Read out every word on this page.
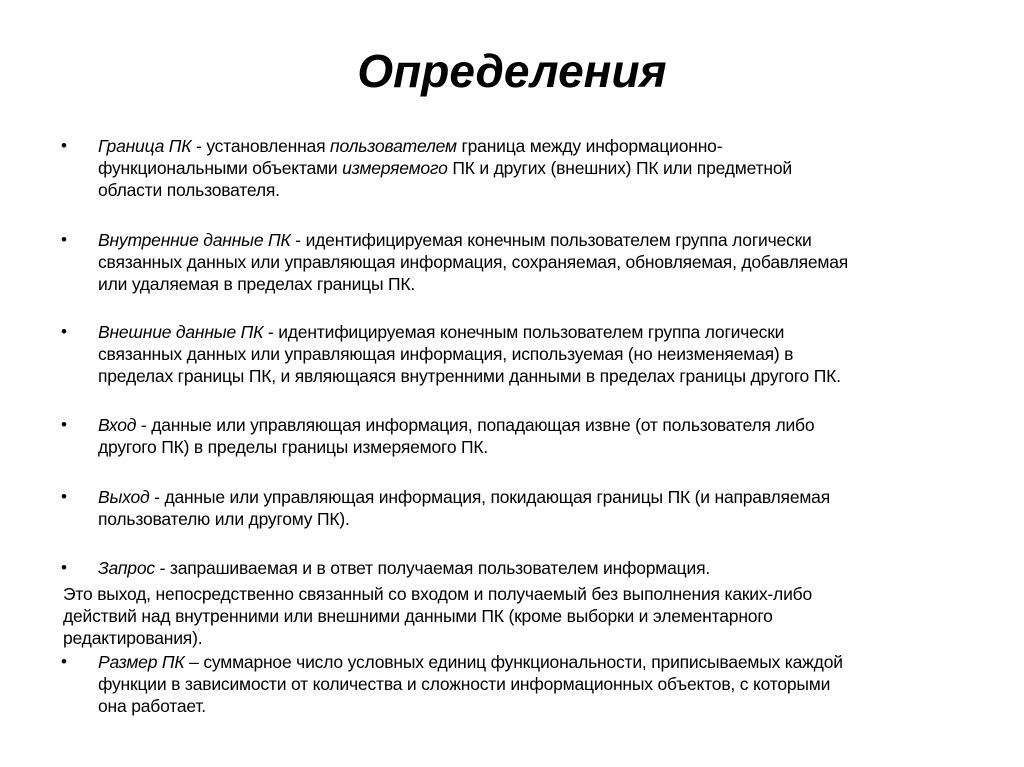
Определения
• Граница ПК - установленная пользователем граница между информационно-
функциональными объектами измеряемого ПК и других (внешних) ПК или предметной
области пользователя.
• Внутренние данные ПК - идентифицируемая конечным пользователем группа логически
связанных данных или управляющая информация, сохраняемая, обновляемая, добавляемая
или удаляемая в пределах границы ПК.
• Внешние данные ПК - идентифицируемая конечным пользователем группа логически
связанных данных или управляющая информация, используемая (но неизменяемая) в
пределах границы ПК, и являющаяся внутренними данными в пределах границы другого ПК.
• Вход - данные или управляющая информация, попадающая извне (от пользователя либо
другого ПК) в пределы границы измеряемого ПК.
• Выход - данные или управляющая информация, покидающая границы ПК (и направляемая
пользователю или другому ПК).
• Запрос - запрашиваемая и в ответ получаемая пользователем информация.
Это выход, непосредственно связанный со входом и получаемый без выполнения каких-либо
действий над внутренними или внешними данными ПК (кроме выборки и элементарного
редактирования).
• Размер ПК – суммарное число условных единиц функциональности, приписываемых каждой
функции в зависимости от количества и сложности информационных объектов, с которыми
она работает.
